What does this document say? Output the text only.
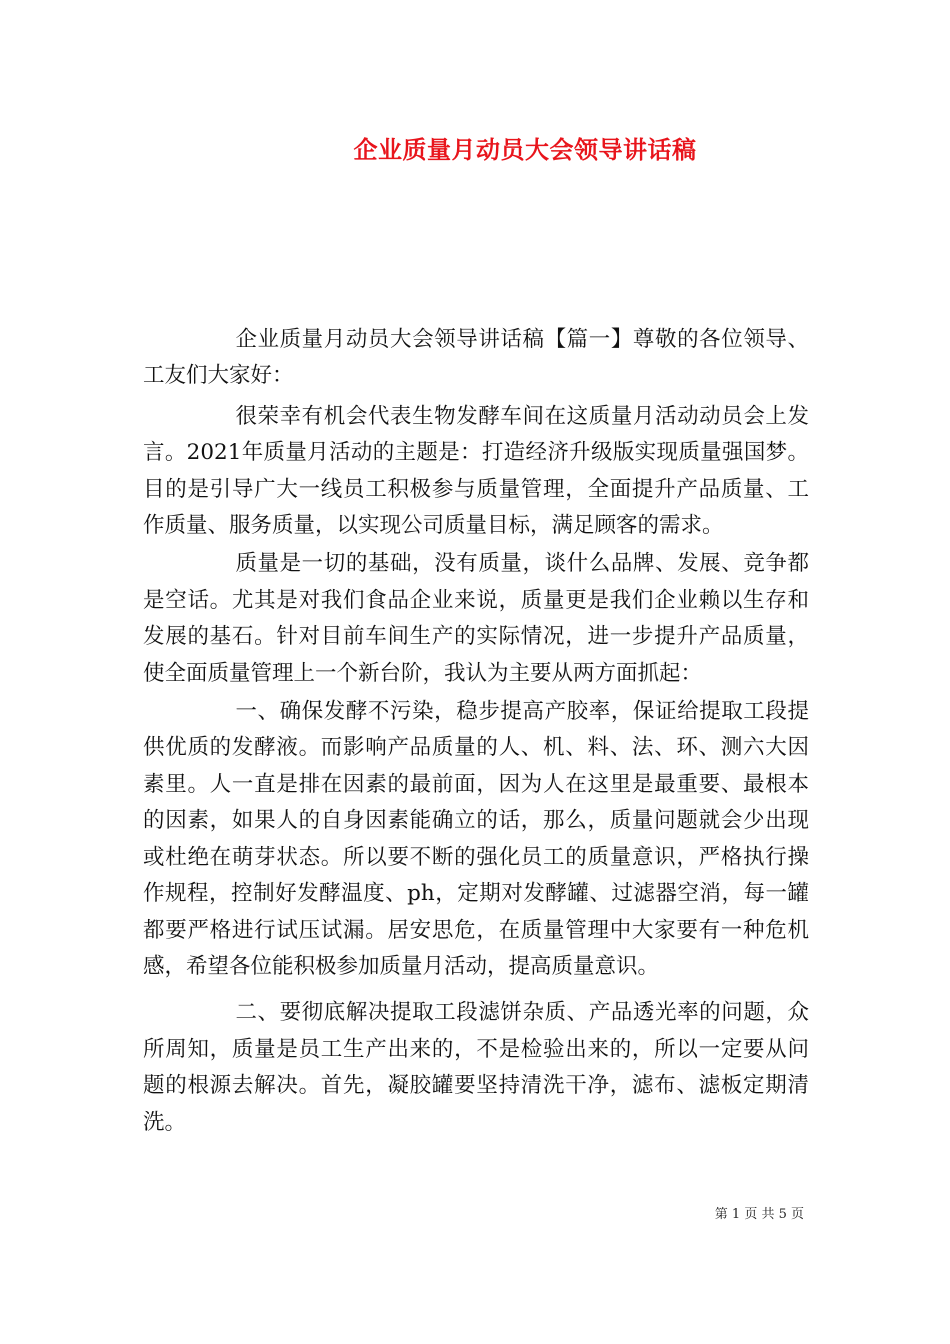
企业质量月动员大会领导讲话稿

企业质量月动员大会领导讲话稿【篇一】尊敬的各位领导、工友们大家好：

很荣幸有机会代表生物发酵车间在这质量月活动动员会上发言。2021年质量月活动的主题是：打造经济升级版实现质量强国梦。目的是引导广大一线员工积极参与质量管理，全面提升产品质量、工作质量、服务质量，以实现公司质量目标，满足顾客的需求。

质量是一切的基础，没有质量，谈什么品牌、发展、竞争都是空话。尤其是对我们食品企业来说，质量更是我们企业赖以生存和发展的基石。针对目前车间生产的实际情况，进一步提升产品质量，使全面质量管理上一个新台阶，我认为主要从两方面抓起：

一、确保发酵不污染，稳步提高产胶率，保证给提取工段提供优质的发酵液。而影响产品质量的人、机、料、法、环、测六大因素里。人一直是排在因素的最前面，因为人在这里是最重要、最根本的因素，如果人的自身因素能确立的话，那么，质量问题就会少出现或杜绝在萌芽状态。所以要不断的强化员工的质量意识，严格执行操作规程，控制好发酵温度、ph，定期对发酵罐、过滤器空消，每一罐都要严格进行试压试漏。居安思危，在质量管理中大家要有一种危机感，希望各位能积极参加质量月活动，提高质量意识。

二、要彻底解决提取工段滤饼杂质、产品透光率的问题，众所周知，质量是员工生产出来的，不是检验出来的，所以一定要从问题的根源去解决。首先，凝胶罐要坚持清洗干净，滤布、滤板定期清洗。

第 1 页 共 5 页
